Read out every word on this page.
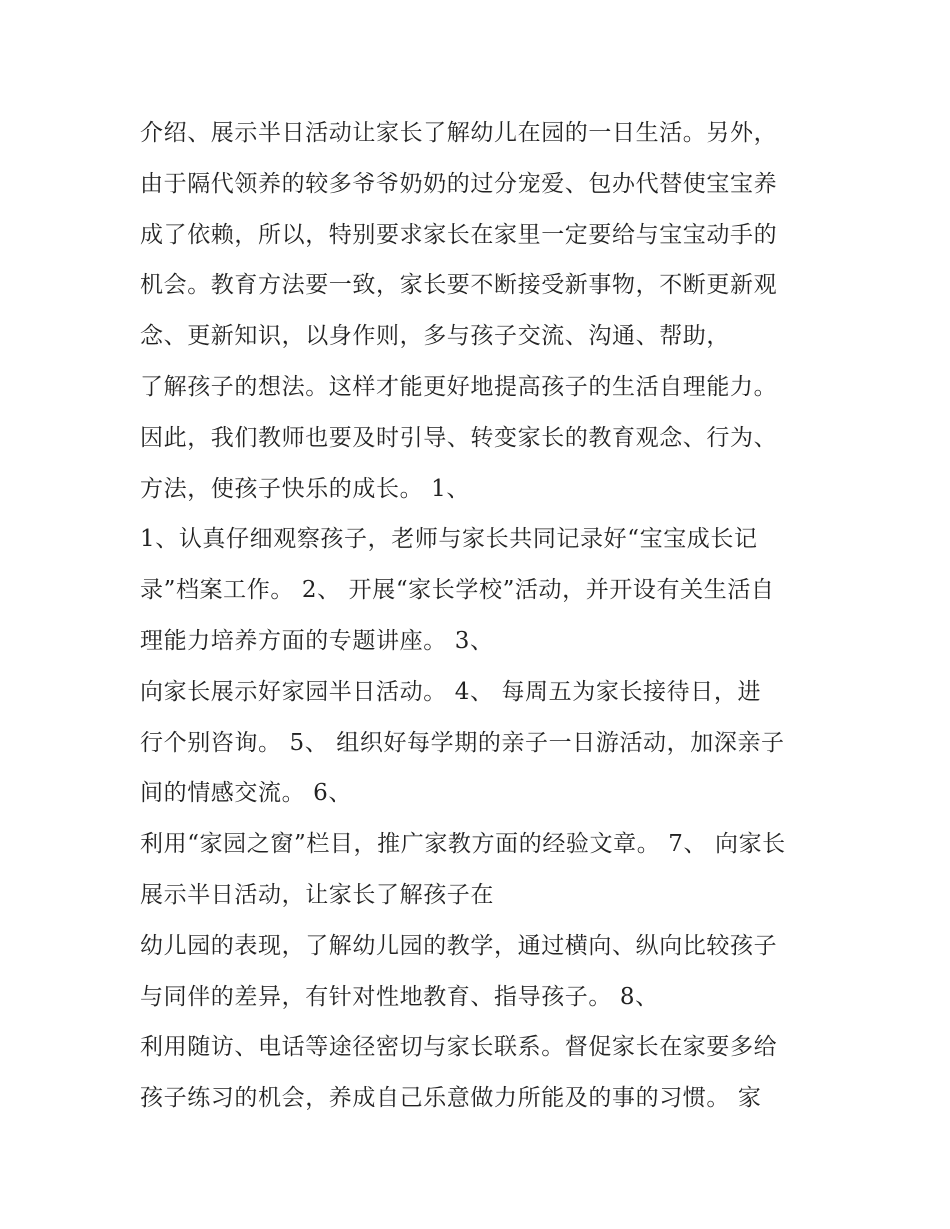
介绍、展示半日活动让家长了解幼儿在园的一日生活。另外，
由于隔代领养的较多爷爷奶奶的过分宠爱、包办代替使宝宝养
成了依赖，所以，特别要求家长在家里一定要给与宝宝动手的
机会。教育方法要一致，家长要不断接受新事物，不断更新观
念、更新知识，以身作则，多与孩子交流、沟通、帮助，
了解孩子的想法。这样才能更好地提高孩子的生活自理能力。
因此，我们教师也要及时引导、转变家长的教育观念、行为、
方法，使孩子快乐的成长。 1、
1、认真仔细观察孩子，老师与家长共同记录好“宝宝成长记
录”档案工作。 2、 开展“家长学校”活动，并开设有关生活自
理能力培养方面的专题讲座。 3、
向家长展示好家园半日活动。 4、 每周五为家长接待日，进
行个别咨询。 5、 组织好每学期的亲子一日游活动，加深亲子
间的情感交流。 6、
利用“家园之窗”栏目，推广家教方面的经验文章。 7、 向家长
展示半日活动，让家长了解孩子在
幼儿园的表现，了解幼儿园的教学，通过横向、纵向比较孩子
与同伴的差异，有针对性地教育、指导孩子。 8、
利用随访、电话等途径密切与家长联系。督促家长在家要多给
孩子练习的机会，养成自己乐意做力所能及的事的习惯。 家
